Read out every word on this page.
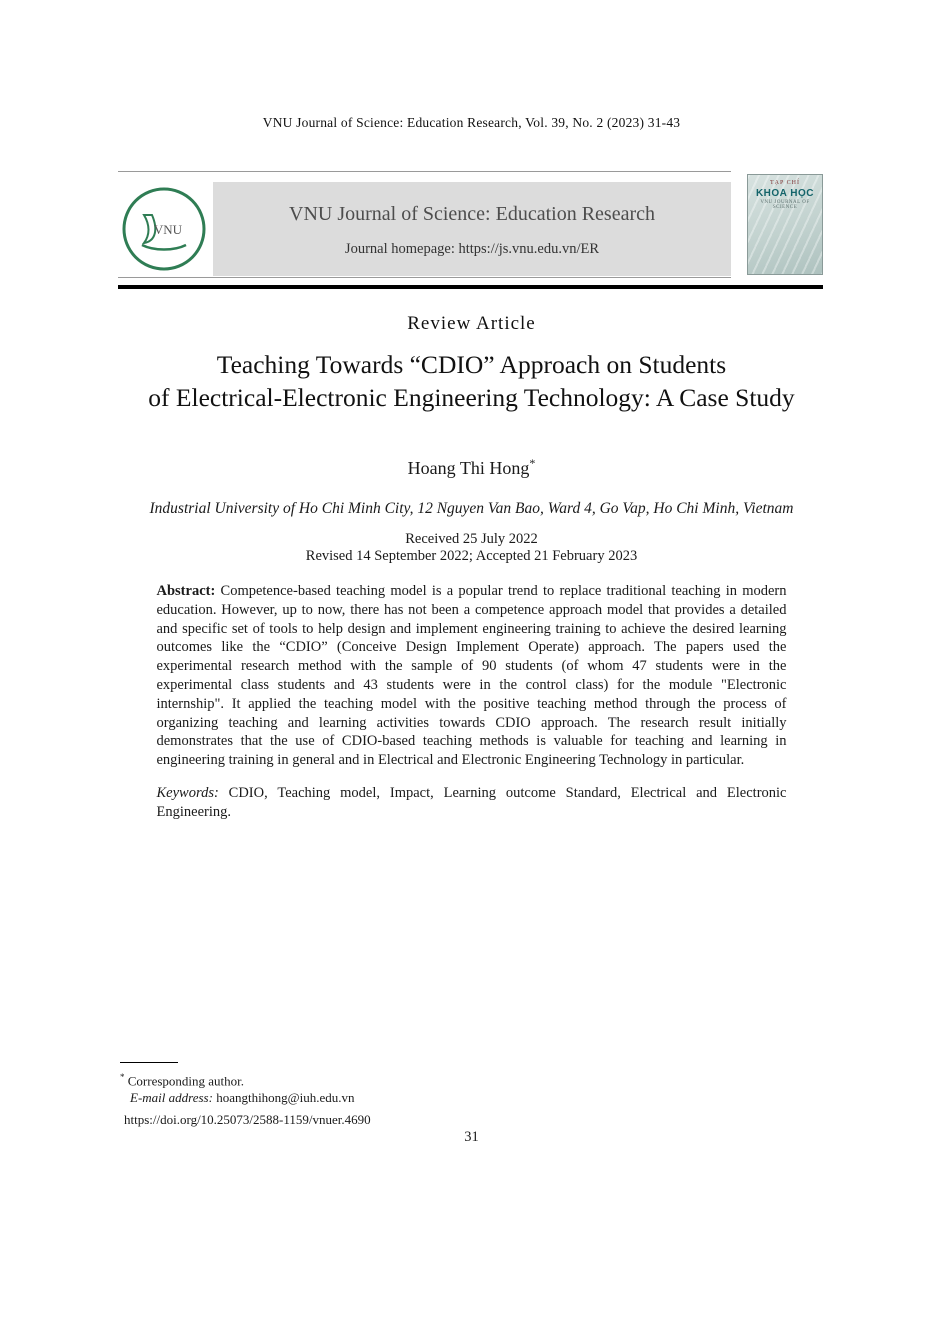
VNU Journal of Science: Education Research, Vol. 39, No. 2 (2023) 31-43
VNU
VNU Journal of Science: Education Research
Journal homepage: https://js.vnu.edu.vn/ER
TẠP CHÍ
KHOA HỌC
VNU JOURNAL OF SCIENCE
Review Article
Teaching Towards “CDIO” Approach on Students
of Electrical-Electronic Engineering Technology: A Case Study
Hoang Thi Hong*
Industrial University of Ho Chi Minh City, 12 Nguyen Van Bao, Ward 4, Go Vap, Ho Chi Minh, Vietnam
Received 25 July 2022
Revised 14 September 2022; Accepted 21 February 2023

Abstract: Competence-based teaching model is a popular trend to replace traditional teaching in modern education. However, up to now, there has not been a competence approach model that provides a detailed and specific set of tools to help design and implement engineering training to achieve the desired learning outcomes like the “CDIO” (Conceive Design Implement Operate) approach. The papers used the experimental research method with the sample of 90 students (of whom 47 students were in the experimental class students and 43 students were in the control class) for the module "Electronic internship". It applied the teaching model with the positive teaching method through the process of organizing teaching and learning activities towards CDIO approach. The research result initially demonstrates that the use of CDIO-based teaching methods is valuable for teaching and learning in engineering training in general and in Electrical and Electronic Engineering Technology in particular.

Keywords: CDIO, Teaching model, Impact, Learning outcome Standard, Electrical and Electronic Engineering.

* Corresponding author.
E-mail address: hoangthihong@iuh.edu.vn
https://doi.org/10.25073/2588-1159/vnuer.4690
31
